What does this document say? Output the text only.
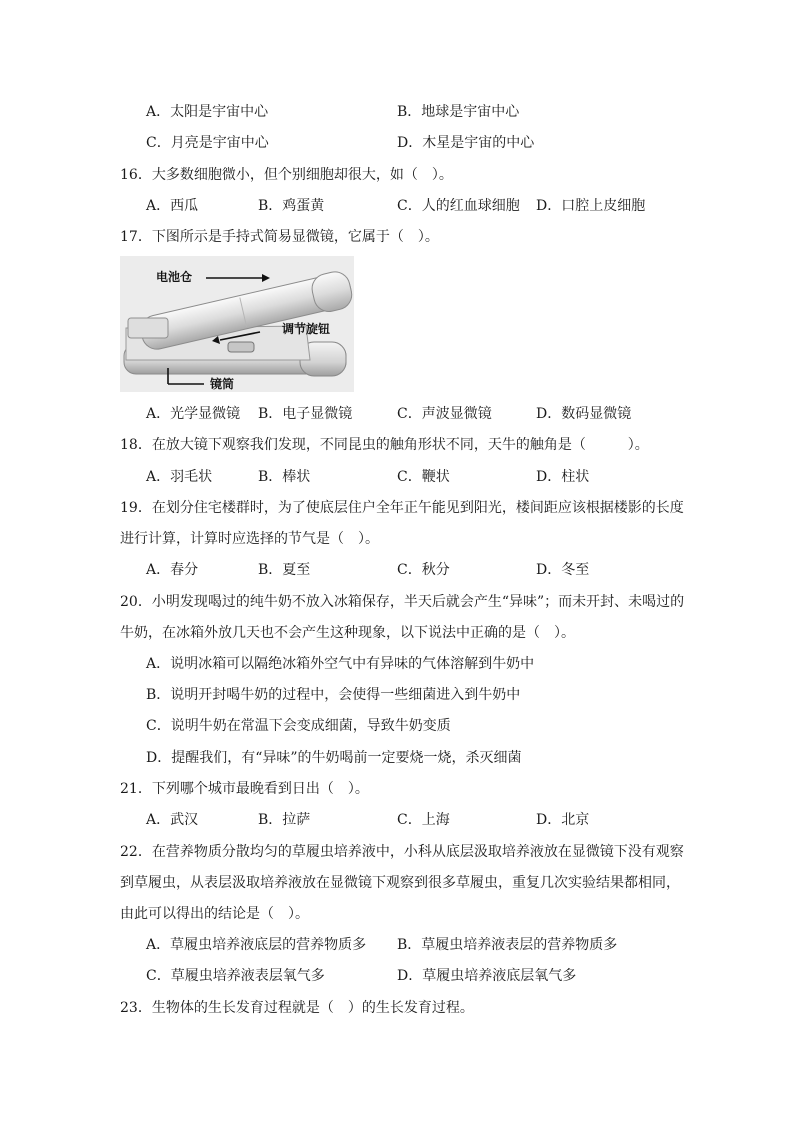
A．太阳是宇宙中心	B．地球是宇宙中心
C．月亮是宇宙中心	D．木星是宇宙的中心
16．大多数细胞微小，但个别细胞却很大，如（　）。
A．西瓜	B．鸡蛋黄	C．人的红血球细胞 D．口腔上皮细胞
17．下图所示是手持式简易显微镜，它属于（　）。
电池仓
调节旋钮
镜筒
A．光学显微镜 B．电子显微镜	C．声波显微镜	D．数码显微镜
18．在放大镜下观察我们发现，不同昆虫的触角形状不同，天牛的触角是（　　　）。
A．羽毛状	B．棒状	C．鞭状	D．柱状
19．在划分住宅楼群时，为了使底层住户全年正午能见到阳光，楼间距应该根据楼影的长度
进行计算，计算时应选择的节气是（　）。
A．春分	B．夏至	C．秋分	D．冬至
20．小明发现喝过的纯牛奶不放入冰箱保存，半天后就会产生“异味”；而未开封、未喝过的
牛奶，在冰箱外放几天也不会产生这种现象，以下说法中正确的是（　）。
A．说明冰箱可以隔绝冰箱外空气中有异味的气体溶解到牛奶中
B．说明开封喝牛奶的过程中，会使得一些细菌进入到牛奶中
C．说明牛奶在常温下会变成细菌，导致牛奶变质
D．提醒我们，有“异味”的牛奶喝前一定要烧一烧，杀灭细菌
21．下列哪个城市最晚看到日出（　）。
A．武汉	B．拉萨	C．上海	D．北京
22．在营养物质分散均匀的草履虫培养液中，小科从底层汲取培养液放在显微镜下没有观察
到草履虫，从表层汲取培养液放在显微镜下观察到很多草履虫，重复几次实验结果都相同，
由此可以得出的结论是（　）。
A．草履虫培养液底层的营养物质多 B．草履虫培养液表层的营养物质多
C．草履虫培养液表层氧气多	D．草履虫培养液底层氧气多
23．生物体的生长发育过程就是（　）的生长发育过程。
